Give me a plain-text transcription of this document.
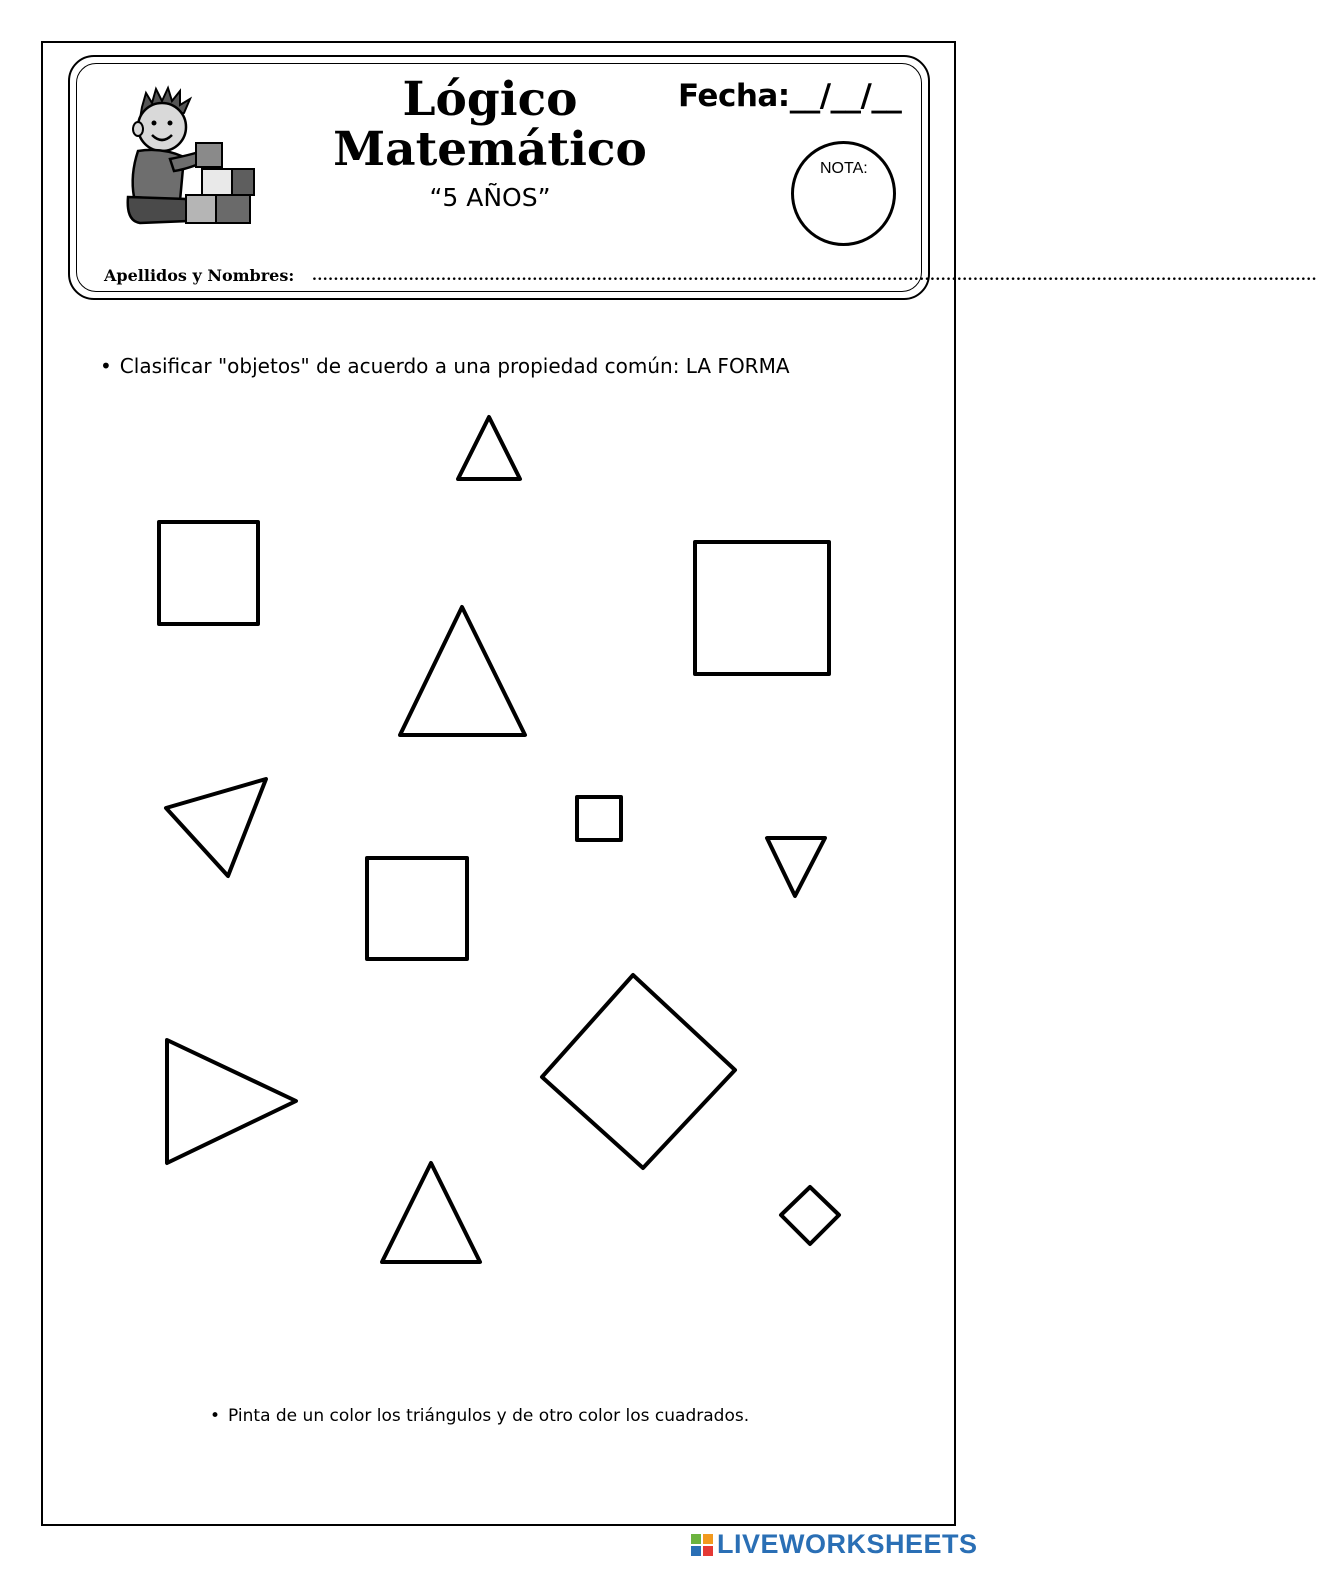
Lógico
Matemático
“5 AÑOS”
Fecha:__/__/__
NOTA:
Apellidos y Nombres: ...........................................................................................................................................................................................
• Clasificar "objetos" de acuerdo a una propiedad común: LA FORMA
• Pinta de un color los triángulos y de otro color los cuadrados.
LIVEWORKSHEETS
